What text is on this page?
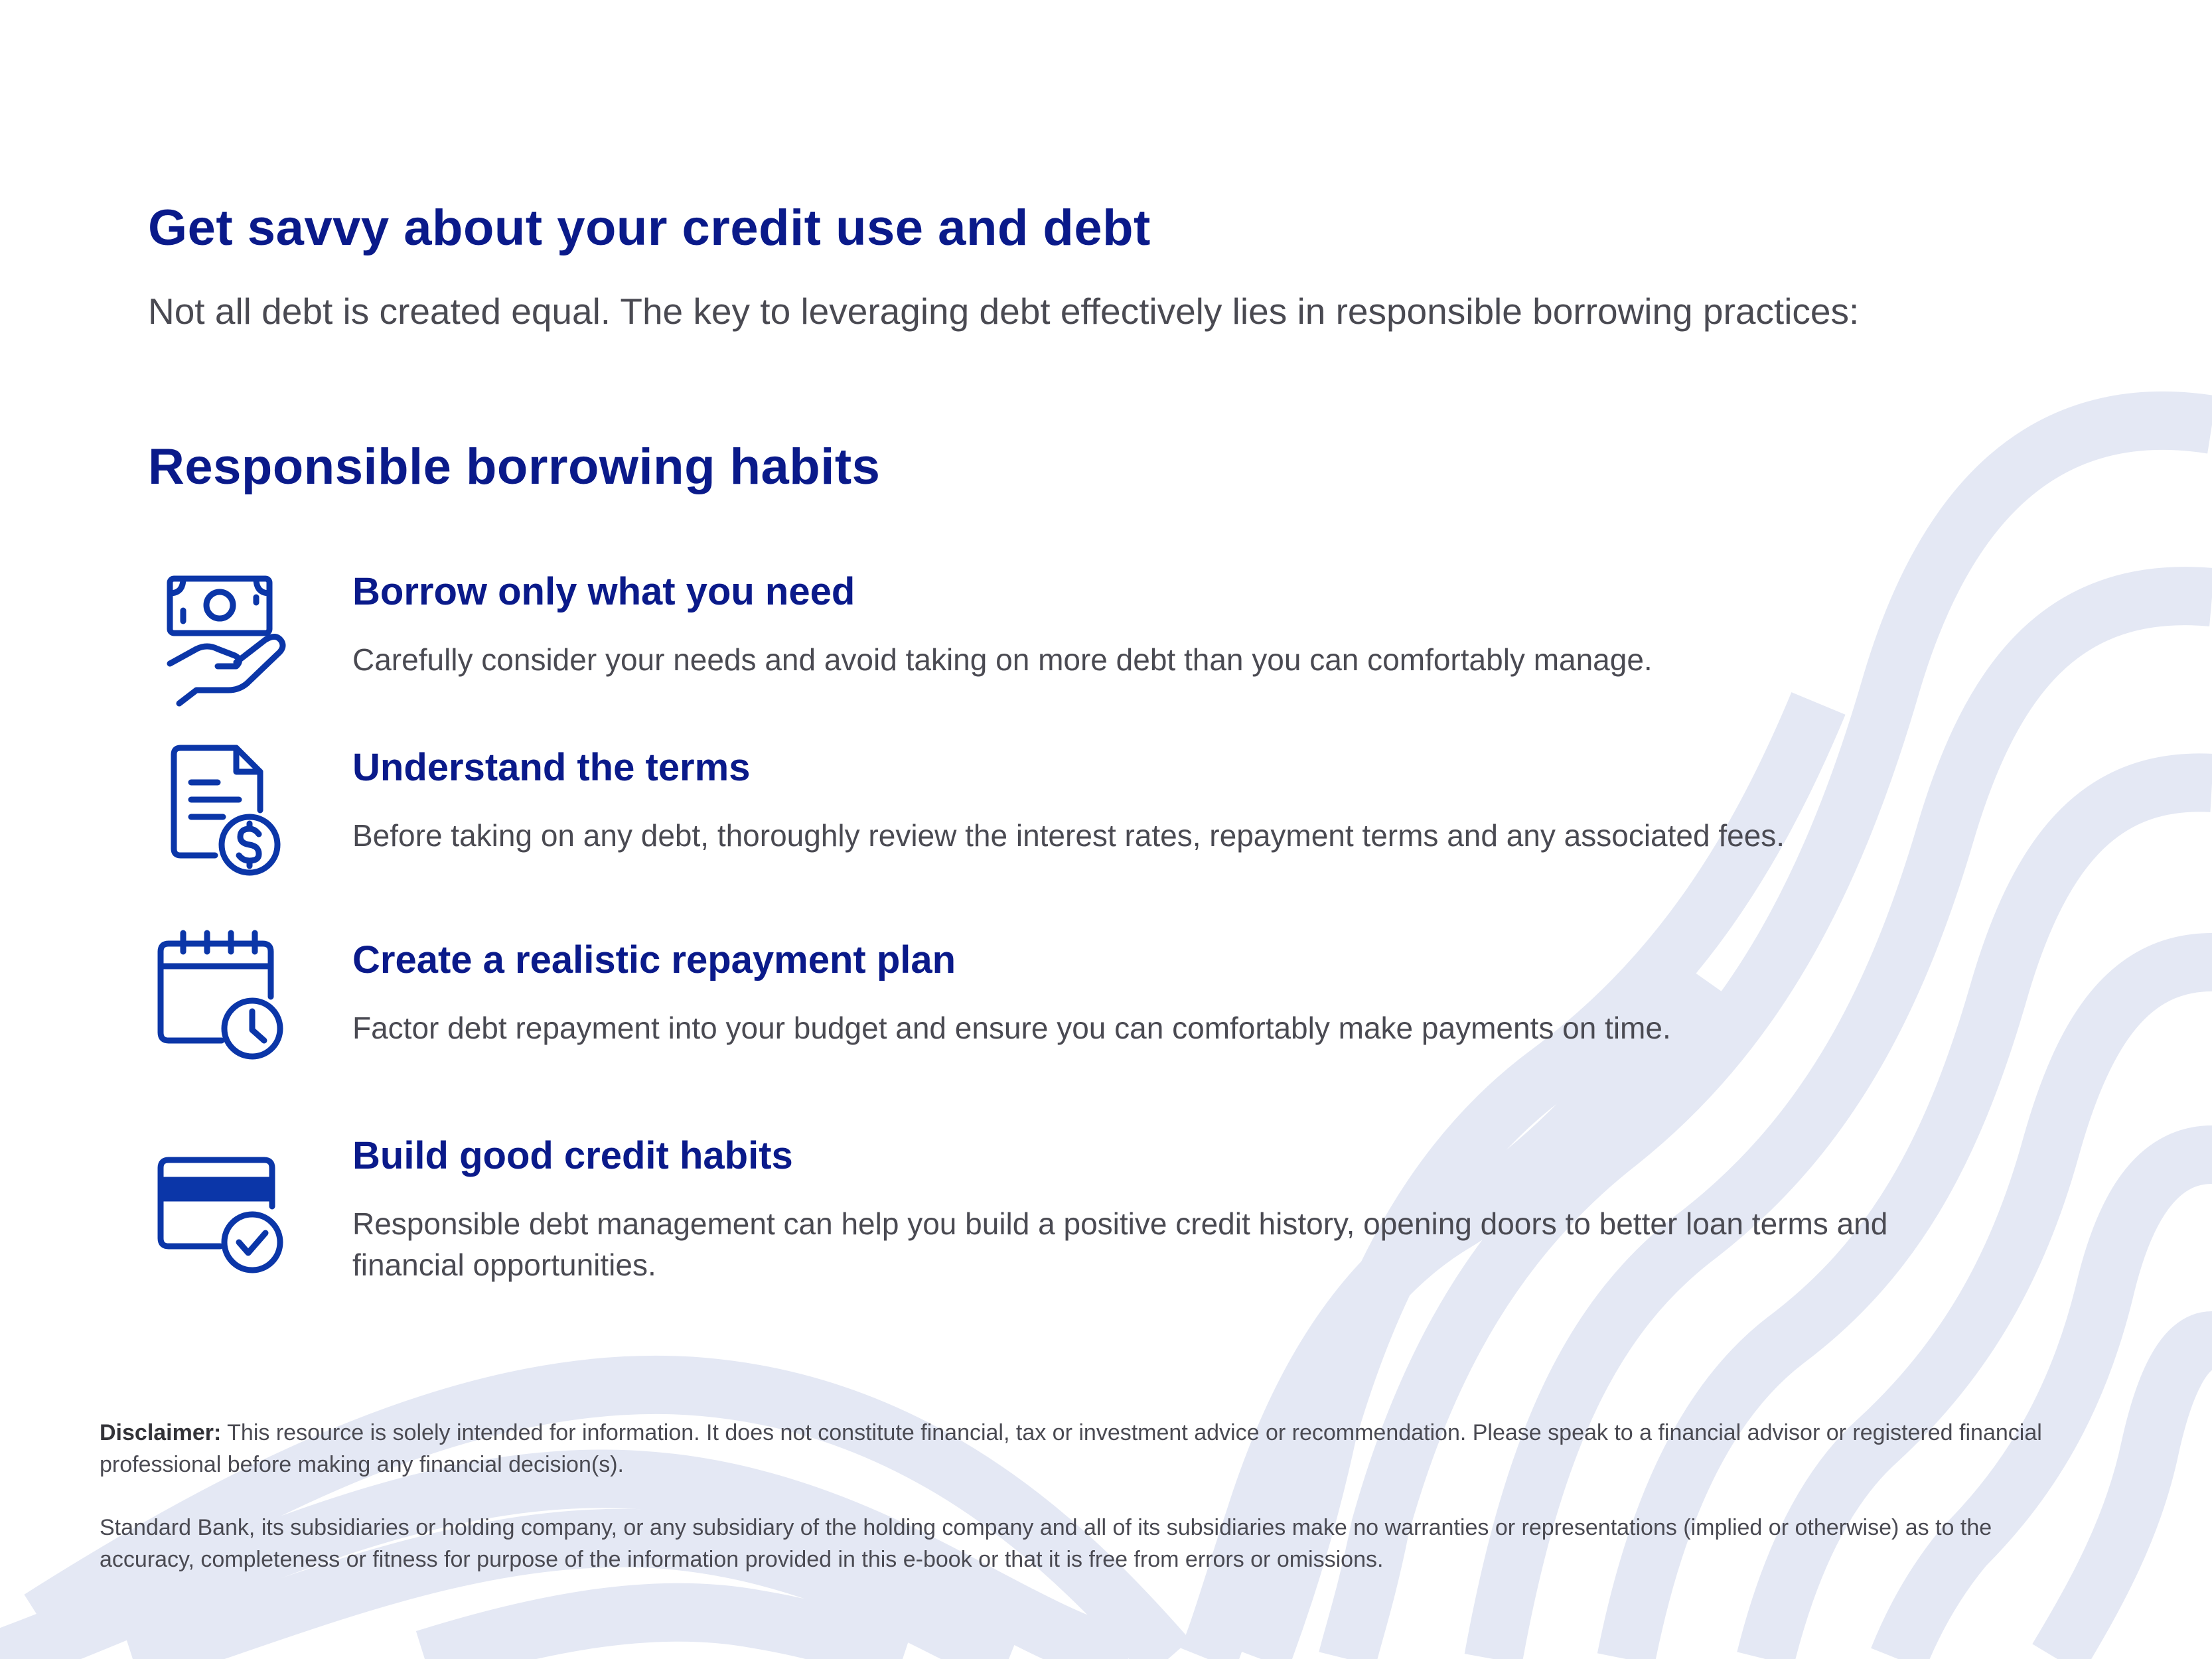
Get savvy about your credit use and debt

Not all debt is created equal. The key to leveraging debt effectively lies in responsible borrowing practices:

Responsible borrowing habits
Borrow only what you need

Carefully consider your needs and avoid taking on more debt than you can comfortably manage.

Understand the terms

Before taking on any debt, thoroughly review the interest rates, repayment terms and any associated fees.

Create a realistic repayment plan

Factor debt repayment into your budget and ensure you can comfortably make payments on time.

Build good credit habits

Responsible debt management can help you build a positive credit history, opening doors to better loan terms and financial opportunities.

Disclaimer: This resource is solely intended for information. It does not constitute financial, tax or investment advice or recommendation. Please speak to a financial advisor or registered financial professional before making any financial decision(s).

Standard Bank, its subsidiaries or holding company, or any subsidiary of the holding company and all of its subsidiaries make no warranties or representations (implied or otherwise) as to the accuracy, completeness or fitness for purpose of the information provided in this e-book or that it is free from errors or omissions.
